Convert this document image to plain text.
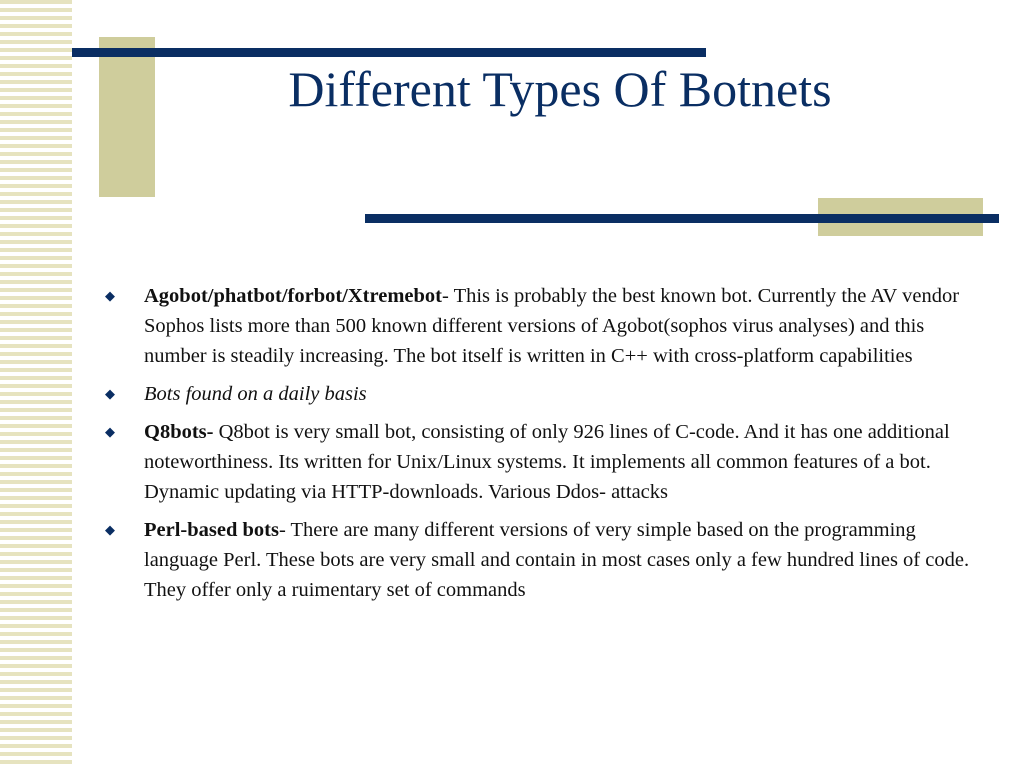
Different Types Of Botnets
◆	Agobot/phatbot/forbot/Xtremebot- This is probably the best known bot. Currently the AV vendor Sophos lists more than 500 known different versions of Agobot(sophos virus analyses) and this number is steadily increasing. The bot itself is written in C++ with cross-platform capabilities
◆	Bots found on a daily basis
◆	Q8bots- Q8bot is very small bot, consisting of only 926 lines of C-code. And it has one additional noteworthiness. Its written for Unix/Linux systems. It implements all common features of a bot. Dynamic updating via HTTP-downloads. Various Ddos- attacks
◆	Perl-based bots- There are many different versions of very simple based on the programming language Perl. These bots are very small and contain in most cases only a few hundred lines of code. They offer only a ruimentary set of commands
